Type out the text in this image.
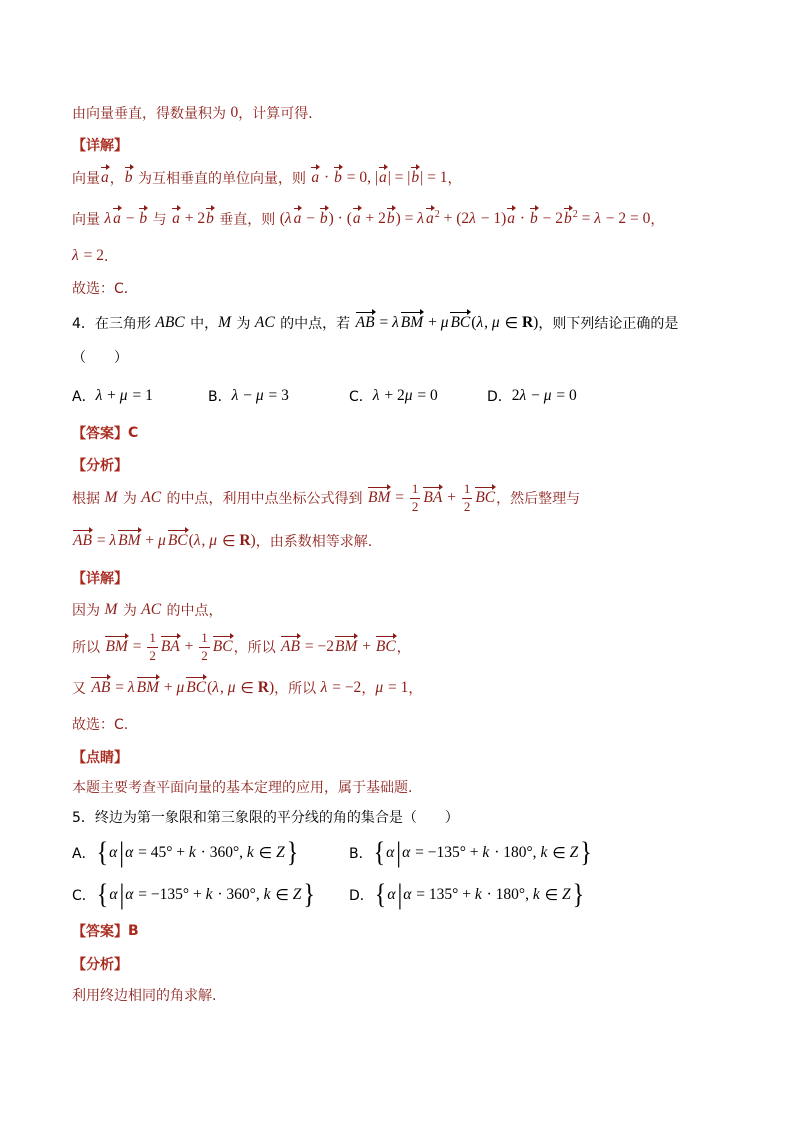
由向量垂直，得数量积为 0 ，计算可得．
【详解】
向量 a ， b 为互相垂直的单位向量，则 a · b = 0, | a | = | b | = 1 ，
向量 λ a − b 与 a + 2 b 垂直，则 ( λ a − b ) · ( a + 2 b ) = λ a 2 + (2 λ − 1) a · b − 2 b 2 = λ − 2 = 0 ，
λ = 2 ．
故选：C．
4．在三角形 ABC 中， M 为 AC 的中点，若 AB = λ BM + μ BC ( λ , μ ∈ R ) ，则下列结论正确的是
（　　）
A． λ + μ = 1	B． λ − μ = 3	C． λ + 2 μ = 0	D． 2 λ − μ = 0
【答案】 C
【分析】
根据 M 为 AC 的中点，利用中点坐标公式得到 BM = $\frac{1}{2}$ BA + $\frac{1}{2}$ BC ，然后整理与
AB = λ BM + μ BC ( λ , μ ∈ R ) ，由系数相等求解.
【详解】
因为 M 为 AC 的中点，
所以 BM = $\frac{1}{2}$ BA + $\frac{1}{2}$ BC ，所以 AB = −2 BM + BC ，
又 AB = λ BM + μ BC ( λ , μ ∈ R ) ，所以 λ = −2 ， μ = 1 ，
故选：C.
【点睛】
本题主要考查平面向量的基本定理的应用，属于基础题.
5．终边为第一象限和第三象限的平分线的角的集合是（　　）
A． { α | α = 45° + k · 360°, k ∈ Z }	B． { α | α = −135° + k · 180°, k ∈ Z }
C． { α | α = −135° + k · 360°, k ∈ Z } D． { α | α = 135° + k · 180°, k ∈ Z }
【答案】 B
【分析】
利用终边相同的角求解.
